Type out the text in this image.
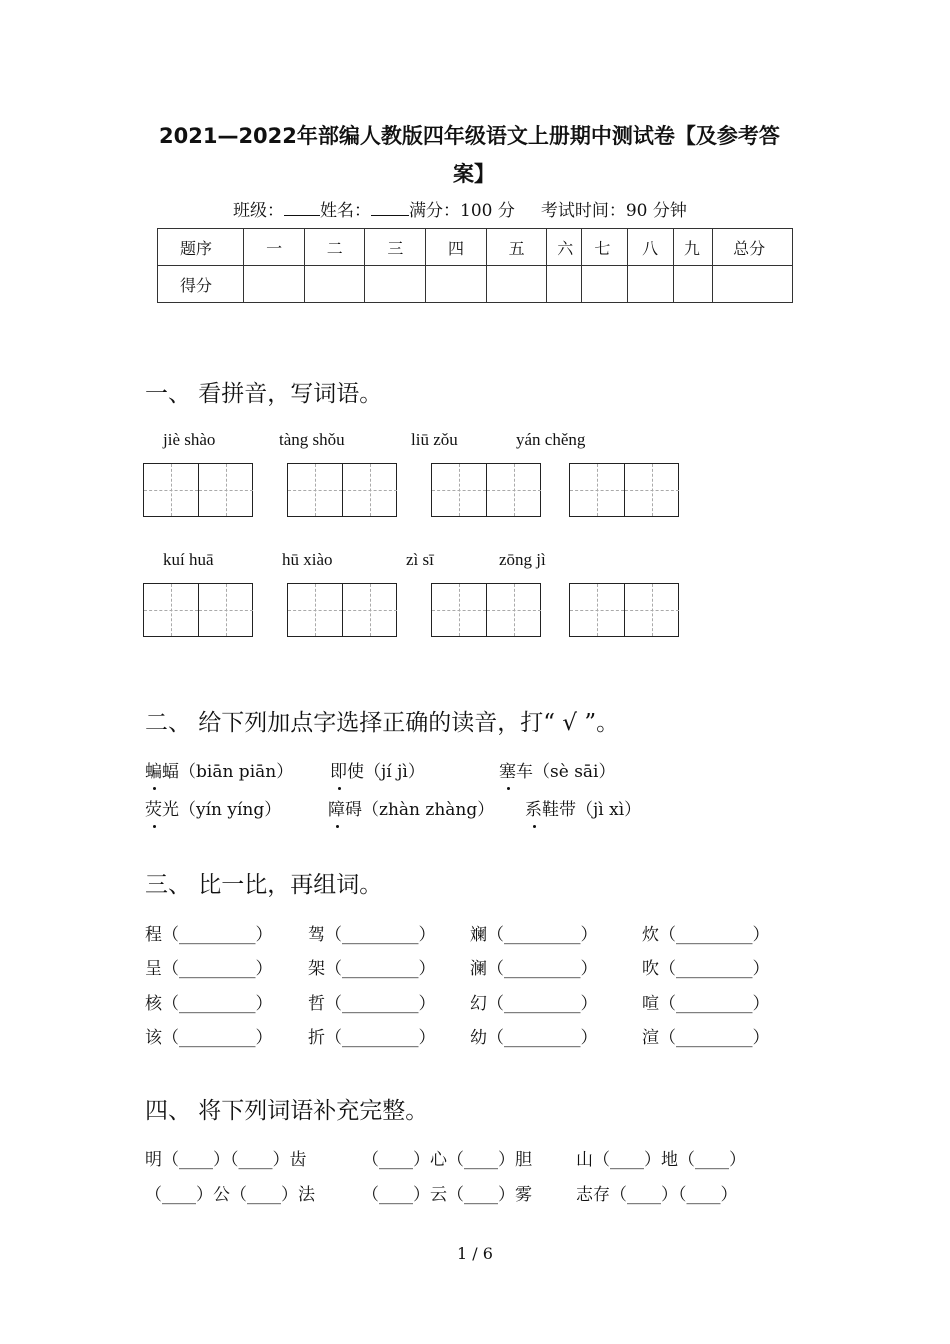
2021—2022年部编人教版四年级语文上册期中测试卷【及参考答
案】
班级： 姓名： 满分：100 分 考试时间：90 分钟
题序	一	二	三	四	五	六	七	八	九	总分
得分										
一、 看拼音，写词语。
jiè shào	tàng shǒu	liū zǒu	yán chěng
kuí huā	hū xiào	zì sī	zōng jì
二、 给下列加点字选择正确的读音，打“ √ ”。
蝙蝠（biān piān） 即使（jí jì）	塞车（sè sāi）
荧光（yín yíng）	障碍（zhàn zhàng） 系鞋带（jì xì）
三、 比一比，再组词。
程（_________） 驾（_________） 斓（_________）	炊（_________）
呈（_________） 架（_________） 澜（_________）	吹（_________）
核（_________） 哲（_________） 幻（_________）	喧（_________）
该（_________） 折（_________） 幼（_________）	渲（_________）
四、 将下列词语补充完整。
明（____）（____）齿	（____）心（____）胆	山（____）地（____）
（____）公（____）法	（____）云（____）雾	志存（____）（____）
1 / 6
